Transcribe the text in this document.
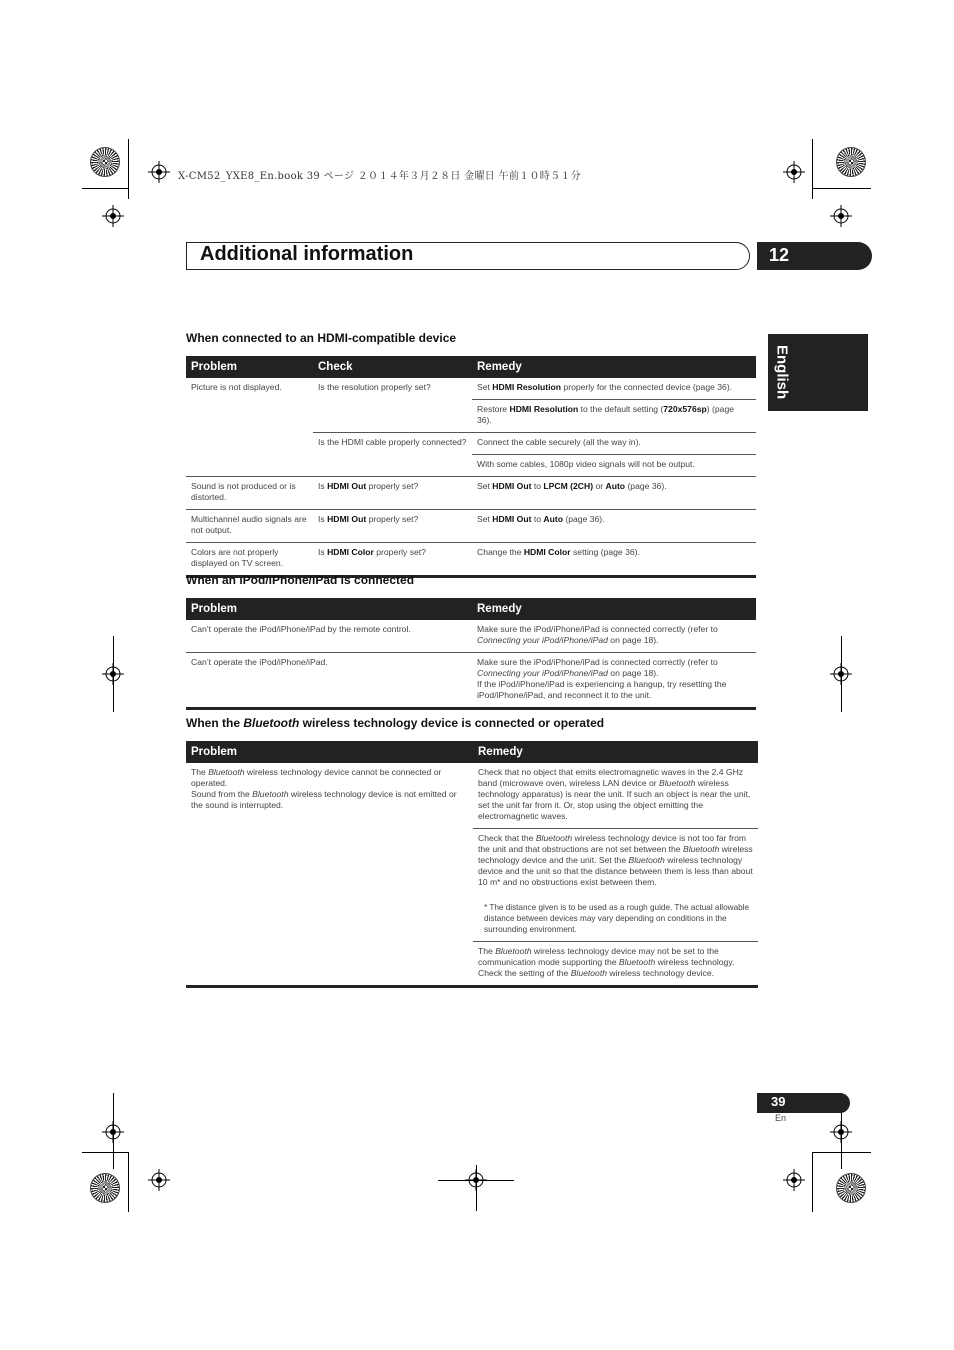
X-CM52_YXE8_En.book 39 ページ ２０１４年３月２８日 金曜日 午前１０時５１分
Additional information	12
English
When connected to an HDMI-compatible device
Problem	Check	Remedy
Picture is not displayed.	Is the resolution properly set?	Set HDMI Resolution properly for the connected device (page 36).
		Restore HDMI Resolution to the default setting (720x576sp) (page 36).
	Is the HDMI cable properly connected?	Connect the cable securely (all the way in).
		With some cables, 1080p video signals will not be output.
Sound is not produced or is distorted.	Is HDMI Out properly set?	Set HDMI Out to LPCM (2CH) or Auto (page 36).
Multichannel audio signals are not output.	Is HDMI Out properly set?	Set HDMI Out to Auto (page 36).
Colors are not properly displayed on TV screen.	Is HDMI Color properly set?	Change the HDMI Color setting (page 36).
When an iPod/iPhone/iPad is connected
Problem	Remedy
Can’t operate the iPod/iPhone/iPad by the remote control.	Make sure the iPod/iPhone/iPad is connected correctly (refer to Connecting your iPod/iPhone/iPad on page 18).
Can’t operate the iPod/iPhone/iPad.	Make sure the iPod/iPhone/iPad is connected correctly (refer to Connecting your iPod/iPhone/iPad on page 18).
If the iPod/iPhone/iPad is experiencing a hangup, try resetting the iPod/iPhone/iPad, and reconnect it to the unit.
When the Bluetooth wireless technology device is connected or operated
Problem	Remedy
The Bluetooth wireless technology device cannot be connected or operated.
Sound from the Bluetooth wireless technology device is not emitted or the sound is interrupted.	Check that no object that emits electromagnetic waves in the 2.4 GHz band (microwave oven, wireless LAN device or Bluetooth wireless technology apparatus) is near the unit. If such an object is near the unit, set the unit far from it. Or, stop using the object emitting the electromagnetic waves.
	Check that the Bluetooth wireless technology device is not too far from the unit and that obstructions are not set between the Bluetooth wireless technology device and the unit. Set the Bluetooth wireless technology device and the unit so that the distance between them is less than about 10 m* and no obstructions exist between them.
* The distance given is to be used as a rough guide. The actual allowable distance between devices may vary depending on conditions in the surrounding environment.

	The Bluetooth wireless technology device may not be set to the communication mode supporting the Bluetooth wireless technology. Check the setting of the Bluetooth wireless technology device.
39
En
